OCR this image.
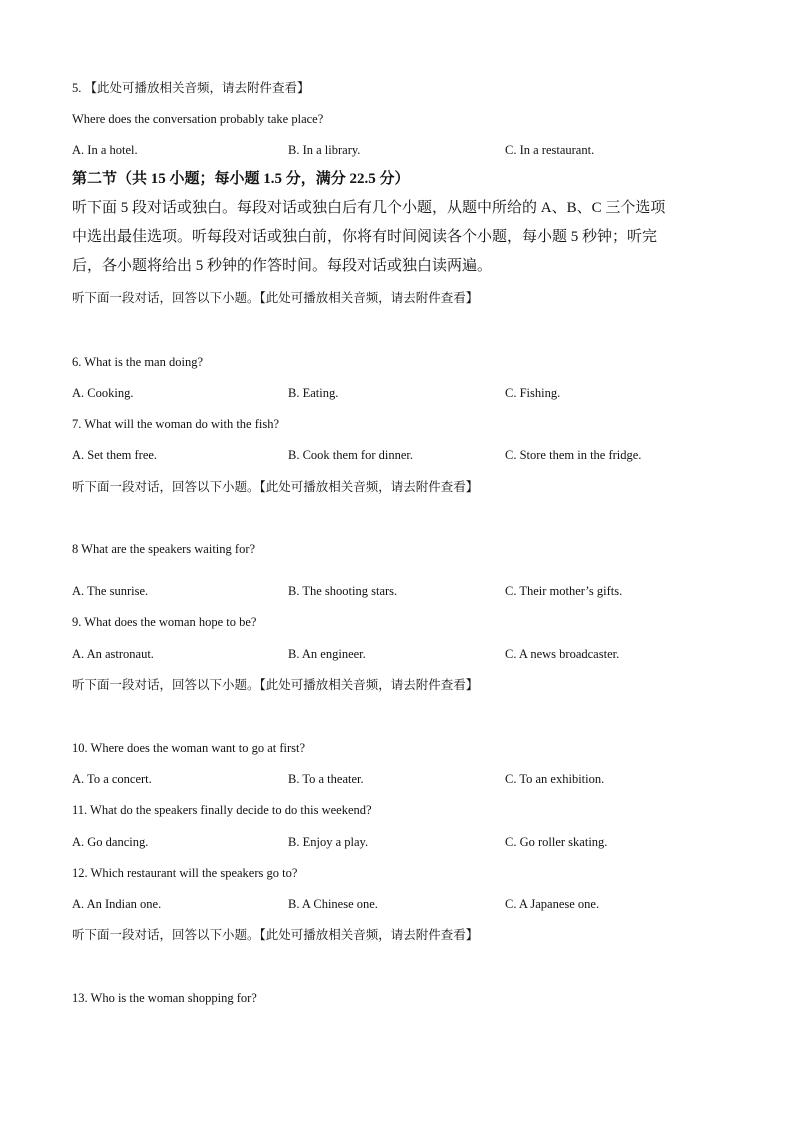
5. 【此处可播放相关音频，请去附件查看】
Where does the conversation probably take place?
A. In a hotel.	B. In a library.	C. In a restaurant.
第二节（共 15 小题；每小题 1.5 分，满分 22.5 分）
听下面 5 段对话或独白。每段对话或独白后有几个小题，从题中所给的 A、B、C 三个选项
中选出最佳选项。听每段对话或独白前，你将有时间阅读各个小题，每小题 5 秒钟；听完
后，各小题将给出 5 秒钟的作答时间。每段对话或独白读两遍。
听下面一段对话，回答以下小题。【此处可播放相关音频，请去附件查看】
6. What is the man doing?
A. Cooking.	B. Eating.	C. Fishing.
7. What will the woman do with the fish?
A. Set them free.	B. Cook them for dinner.	C. Store them in the fridge.
听下面一段对话，回答以下小题。【此处可播放相关音频，请去附件查看】
8 What are the speakers waiting for?
A. The sunrise.	B. The shooting stars.	C. Their mother’s gifts.
9. What does the woman hope to be?
A. An astronaut.	B. An engineer.	C. A news broadcaster.
听下面一段对话，回答以下小题。【此处可播放相关音频，请去附件查看】
10. Where does the woman want to go at first?
A. To a concert.	B. To a theater.	C. To an exhibition.
11. What do the speakers finally decide to do this weekend?
A. Go dancing.	B. Enjoy a play.	C. Go roller skating.
12. Which restaurant will the speakers go to?
A. An Indian one.	B. A Chinese one.	C. A Japanese one.
听下面一段对话，回答以下小题。【此处可播放相关音频，请去附件查看】
13. Who is the woman shopping for?
